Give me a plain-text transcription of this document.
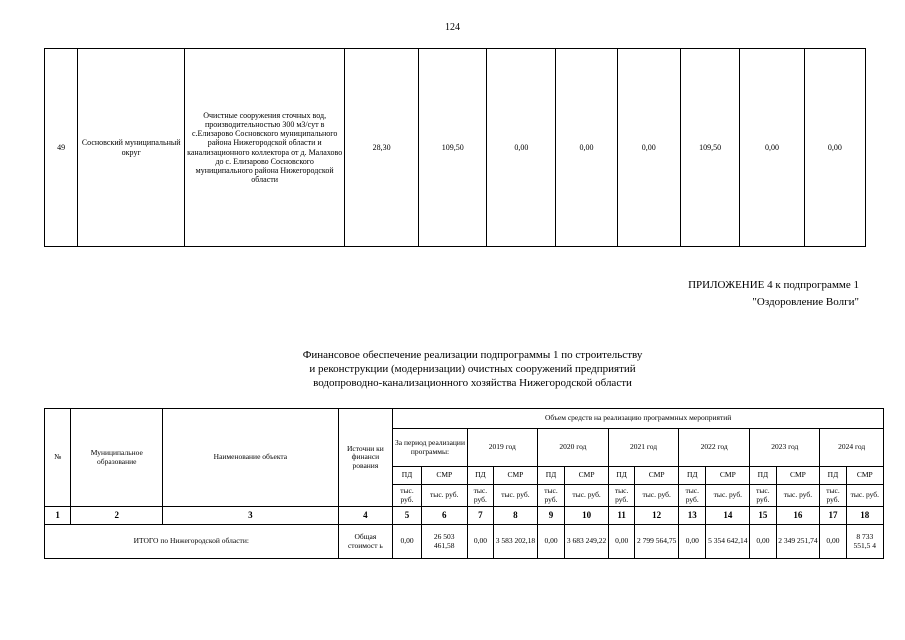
124
49	Сосновский муниципальный округ	Очистные сооружения сточных вод, производительностью 300 м3/сут в с.Елизарово Сосновского муниципального района Нижегородской области и канализационного коллектора от д. Малахово до с. Елизарово Сосновского муниципального района Нижегородской области	28,30	109,50	0,00	0,00	0,00	109,50	0,00	0,00
ПРИЛОЖЕНИЕ 4 к подпрограмме 1
"Оздоровление Волги"
Финансовое обеспечение реализации подпрограммы 1 по строительству
и реконструкции (модернизации) очистных сооружений предприятий
водопроводно-канализационного хозяйства Нижегородской области
№	Муниципальное образование	Наименование объекта	Источни ки финанси рования	Объем средств на реализацию программных мероприятий													
				За период реализации программы:		2019 год		2020 год		2021 год		2022 год		2023 год		2024 год	
				ПД	СМР	ПД	СМР	ПД	СМР	ПД	СМР	ПД	СМР	ПД	СМР	ПД	СМР
				тыс. руб.	тыс. руб.	тыс. руб.	тыс. руб.	тыс. руб.	тыс. руб.	тыс. руб.	тыс. руб.	тыс. руб.	тыс. руб.	тыс. руб.	тыс. руб.	тыс. руб.	тыс. руб.

1	2	3	4	5	6	7	8	9	10	11	12	13	14	15	16	17	18
ИТОГО по Нижегородской области:			Общая стоимост ь	0,00	26 503 461,58	0,00	3 583 202,18	0,00	3 683 249,22	0,00	2 799 564,75	0,00	5 354 642,14	0,00	2 349 251,74	0,00	8 733 551,5 4
